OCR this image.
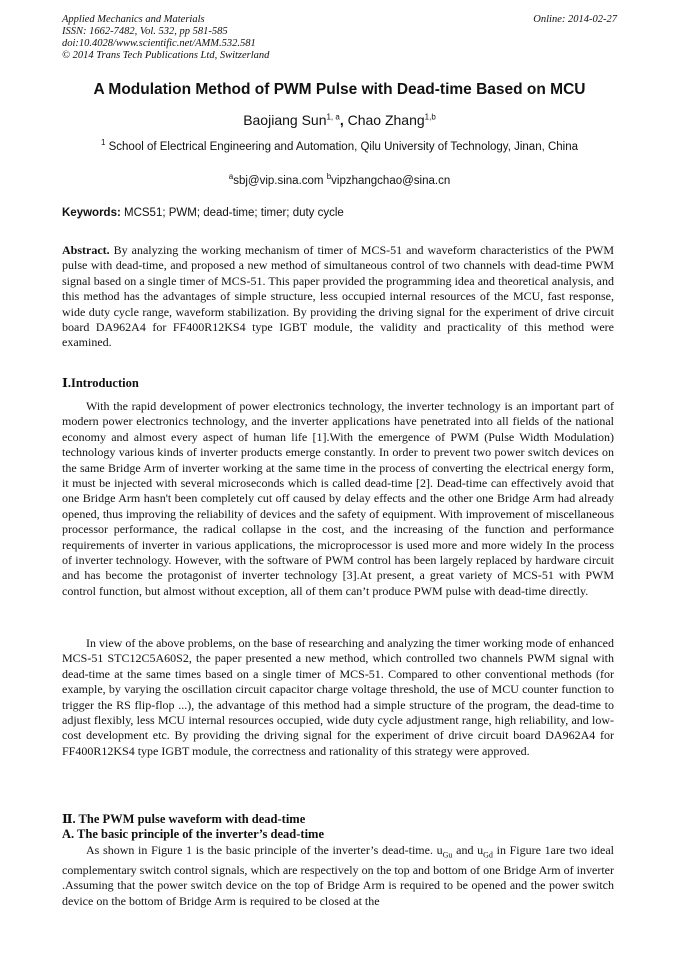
Applied Mechanics and Materials
ISSN: 1662-7482, Vol. 532, pp 581-585
doi:10.4028/www.scientific.net/AMM.532.581
© 2014 Trans Tech Publications Ltd, Switzerland
Online: 2014-02-27
A Modulation Method of PWM Pulse with Dead-time Based on MCU
Baojiang Sun$^{1, a}$, Chao Zhang$^{1,b}$
$^1$ School of Electrical Engineering and Automation, Qilu University of Technology, Jinan, China
$^a$sbj@vip.sina.com $^b$vipzhangchao@sina.cn
Keywords: MCS51; PWM; dead-time; timer; duty cycle

Abstract. By analyzing the working mechanism of timer of MCS-51 and waveform characteristics of the PWM pulse with dead-time, and proposed a new method of simultaneous control of two channels with dead-time PWM signal based on a single timer of MCS-51. This paper provided the programming idea and theoretical analysis, and this method has the advantages of simple structure, less occupied internal resources of the MCU, fast response, wide duty cycle range, waveform stabilization. By providing the driving signal for the experiment of drive circuit board DA962A4 for FF400R12KS4 type IGBT module, the validity and practicality of this method were examined.

Ⅰ.Introduction

With the rapid development of power electronics technology, the inverter technology is an important part of modern power electronics technology, and the inverter applications have penetrated into all fields of the national economy and almost every aspect of human life [1].With the emergence of PWM (Pulse Width Modulation) technology various kinds of inverter products emerge constantly. In order to prevent two power switch devices on the same Bridge Arm of inverter working at the same time in the process of converting the electrical energy form, it must be injected with several microseconds which is called dead-time [2]. Dead-time can effectively avoid that one Bridge Arm hasn't been completely cut off caused by delay effects and the other one Bridge Arm had already opened, thus improving the reliability of devices and the safety of equipment. With improvement of miscellaneous processor performance, the radical collapse in the cost, and the increasing of the function and performance requirements of inverter in various applications, the microprocessor is used more and more widely In the process of inverter technology. However, with the software of PWM control has been largely replaced by hardware circuit and has become the protagonist of inverter technology [3].At present, a great variety of MCS-51 with PWM control function, but almost without exception, all of them can’t produce PWM pulse with dead-time directly.

In view of the above problems, on the base of researching and analyzing the timer working mode of enhanced MCS-51 STC12C5A60S2, the paper presented a new method, which controlled two channels PWM signal with dead-time at the same times based on a single timer of MCS-51. Compared to other conventional methods (for example, by varying the oscillation circuit capacitor charge voltage threshold, the use of MCU counter function to trigger the RS flip-flop ...), the advantage of this method had a simple structure of the program, the dead-time to adjust flexibly, less MCU internal resources occupied, wide duty cycle adjustment range, high reliability, and low-cost development etc. By providing the driving signal for the experiment of drive circuit board DA962A4 for FF400R12KS4 type IGBT module, the correctness and rationality of this strategy were approved.

Ⅱ. The PWM pulse waveform with dead-time
A. The basic principle of the inverter’s dead-time

As shown in Figure 1 is the basic principle of the inverter’s dead-time. $u_{Gu}$ and $u_{Gd}$ in Figure 1are two ideal complementary switch control signals, which are respectively on the top and bottom of one Bridge Arm of inverter .Assuming that the power switch device on the top of Bridge Arm is required to be opened and the power switch device on the bottom of Bridge Arm is required to be closed at the
